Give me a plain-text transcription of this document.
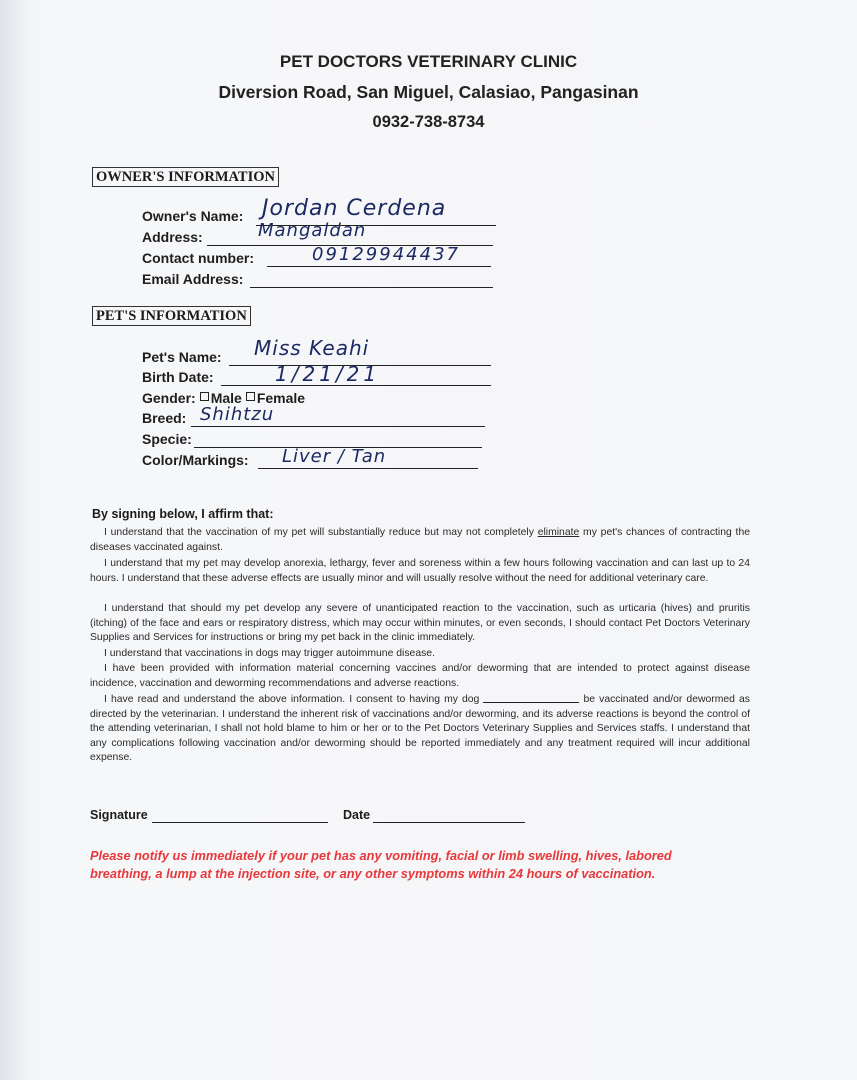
PET DOCTORS VETERINARY CLINIC
Diversion Road, San Miguel, Calasiao, Pangasinan
0932-738-8734
OWNER'S INFORMATION
Owner's Name: Jordan Cerdena
Address:	Mangaldan
Contact number:	09129944437
Email Address:
PET'S INFORMATION
Pet's Name: Miss Keahi
Birth Date:	1/21/21
Gender: Male Female
Breed: Shihtzu
Specie:
Color/Markings: Liver / Tan
By signing below, I affirm that:
I understand that the vaccination of my pet will substantially reduce but may not completely eliminate my pet's chances of contracting the diseases vaccinated against.
I understand that my pet may develop anorexia, lethargy, fever and soreness within a few hours following vaccination and can last up to 24 hours. I understand that these adverse effects are usually minor and will usually resolve without the need for additional veterinary care.
I understand that should my pet develop any severe of unanticipated reaction to the vaccination, such as urticaria (hives) and pruritis (itching) of the face and ears or respiratory distress, which may occur within minutes, or even seconds, I should contact Pet Doctors Veterinary Supplies and Services for instructions or bring my pet back in the clinic immediately.
I understand that vaccinations in dogs may trigger autoimmune disease.
I have been provided with information material concerning vaccines and/or deworming that are intended to protect against disease incidence, vaccination and deworming recommendations and adverse reactions.
I have read and understand the above information. I consent to having my dog	be vaccinated and/or dewormed as directed by the veterinarian. I understand the inherent risk of vaccinations and/or deworming, and its adverse reactions is beyond the control of the attending veterinarian, I shall not hold blame to him or her or to the Pet Doctors Veterinary Supplies and Services staffs. I understand that any complications following vaccination and/or deworming should be reported immediately and any treatment required will incur additional expense.
Signature	Date
Please notify us immediately if your pet has any vomiting, facial or limb swelling, hives, labored breathing, a lump at the injection site, or any other symptoms within 24 hours of vaccination.
